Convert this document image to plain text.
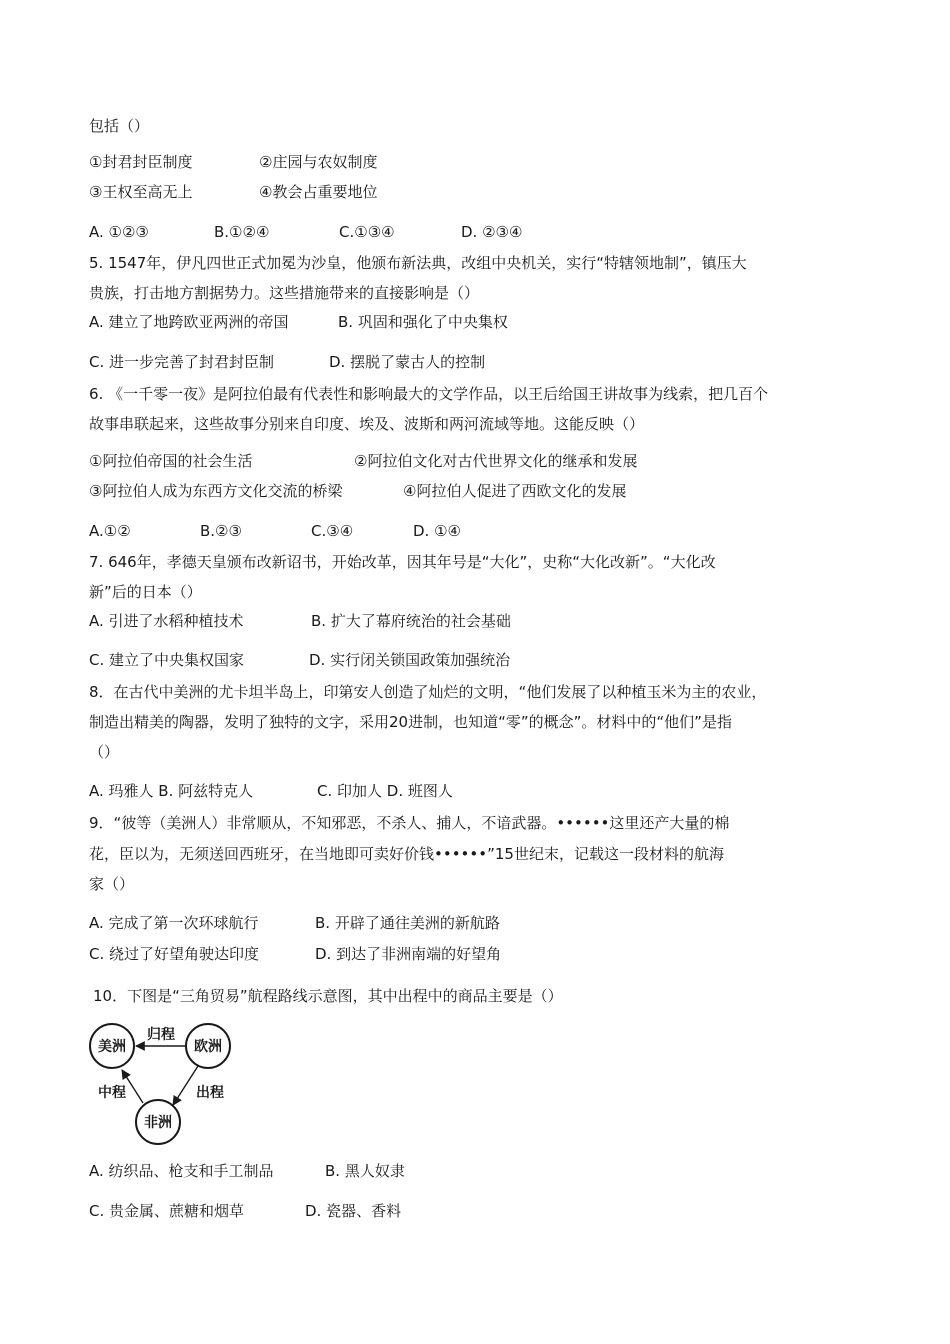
包括（）
①封君封臣制度	②庄园与农奴制度
③王权至高无上	④教会占重要地位
A. ①②③	B.①②④	C.①③④	D. ②③④
5. 1547年，伊凡四世正式加冕为沙皇，他颁布新法典，改组中央机关，实行“特辖领地制”，镇压大
贵族，打击地方割据势力。这些措施带来的直接影响是（）
A. 建立了地跨欧亚两洲的帝国	B. 巩固和强化了中央集权
C. 进一步完善了封君封臣制	D. 摆脱了蒙古人的控制
6. 《一千零一夜》是阿拉伯最有代表性和影响最大的文学作品，以王后给国王讲故事为线索，把几百个
故事串联起来，这些故事分别来自印度、埃及、波斯和两河流域等地。这能反映（）
①阿拉伯帝国的社会生活	②阿拉伯文化对古代世界文化的继承和发展
③阿拉伯人成为东西方文化交流的桥梁	④阿拉伯人促进了西欧文化的发展
A.①②	B.②③	C.③④	D. ①④
7. 646年，孝德天皇颁布改新诏书，开始改革，因其年号是“大化”，史称“大化改新”。“大化改
新”后的日本（）
A. 引进了水稻种植技术	B. 扩大了幕府统治的社会基础
C. 建立了中央集权国家	D. 实行闭关锁国政策加强统治
8．在古代中美洲的尤卡坦半岛上，印第安人创造了灿烂的文明，“他们发展了以种植玉米为主的农业，
制造出精美的陶器，发明了独特的文字，采用20进制，也知道“零”的概念”。材料中的“他们”是指
（）
A. 玛雅人 B. 阿兹特克人	C. 印加人 D. 班图人
9．“彼等（美洲人）非常顺从，不知邪恶，不杀人、捕人，不谙武器。••••••这里还产大量的棉
花，臣以为，无须送回西班牙，在当地即可卖好价钱••••••”15世纪末，记载这一段材料的航海
家（）
A. 完成了第一次环球航行	B. 开辟了通往美洲的新航路
C. 绕过了好望角驶达印度	D. 到达了非洲南端的好望角
10．下图是“三角贸易”航程路线示意图，其中出程中的商品主要是（）
美洲	欧洲
非洲
归程
出程
中程
A. 纺织品、枪支和手工制品	B. 黑人奴隶
C. 贵金属、蔗糖和烟草	D. 瓷器、香料
